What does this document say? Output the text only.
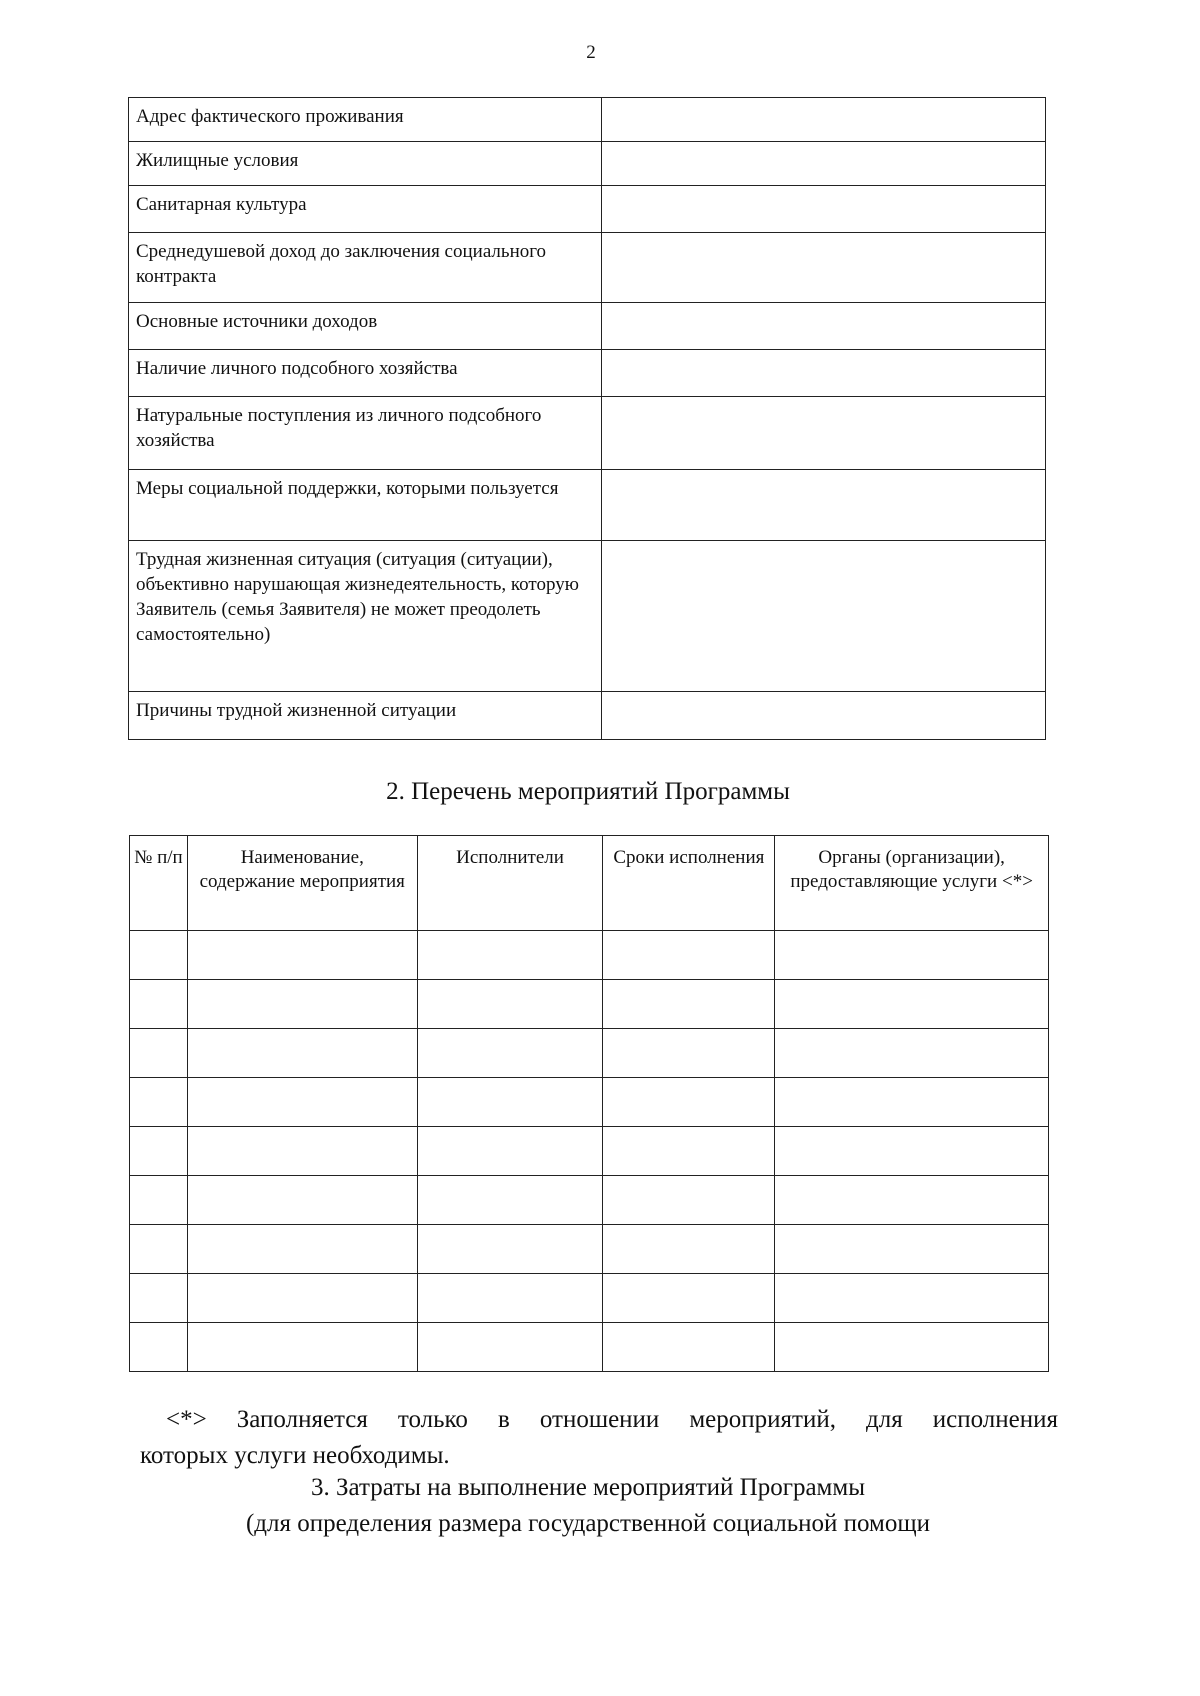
2
Адрес фактического проживания	
Жилищные условия	
Санитарная культура	
Среднедушевой доход до заключения социального контракта	
Основные источники доходов	
Наличие личного подсобного хозяйства	
Натуральные поступления из личного подсобного хозяйства	
Меры социальной поддержки, которыми пользуется	
Трудная жизненная ситуация (ситуация (ситуации), объективно нарушающая жизнедеятельность, которую Заявитель (семья Заявителя) не может преодолеть самостоятельно)	
Причины трудной жизненной ситуации	
2. Перечень мероприятий Программы
№ п/п	Наименование, содержание мероприятия	Исполнители	Сроки исполнения	Органы (организации), предоставляющие услуги <*>

<*> Заполняется только в отношении мероприятий, для исполнения
которых услуги необходимы.
3. Затраты на выполнение мероприятий Программы
(для определения размера государственной социальной помощи
